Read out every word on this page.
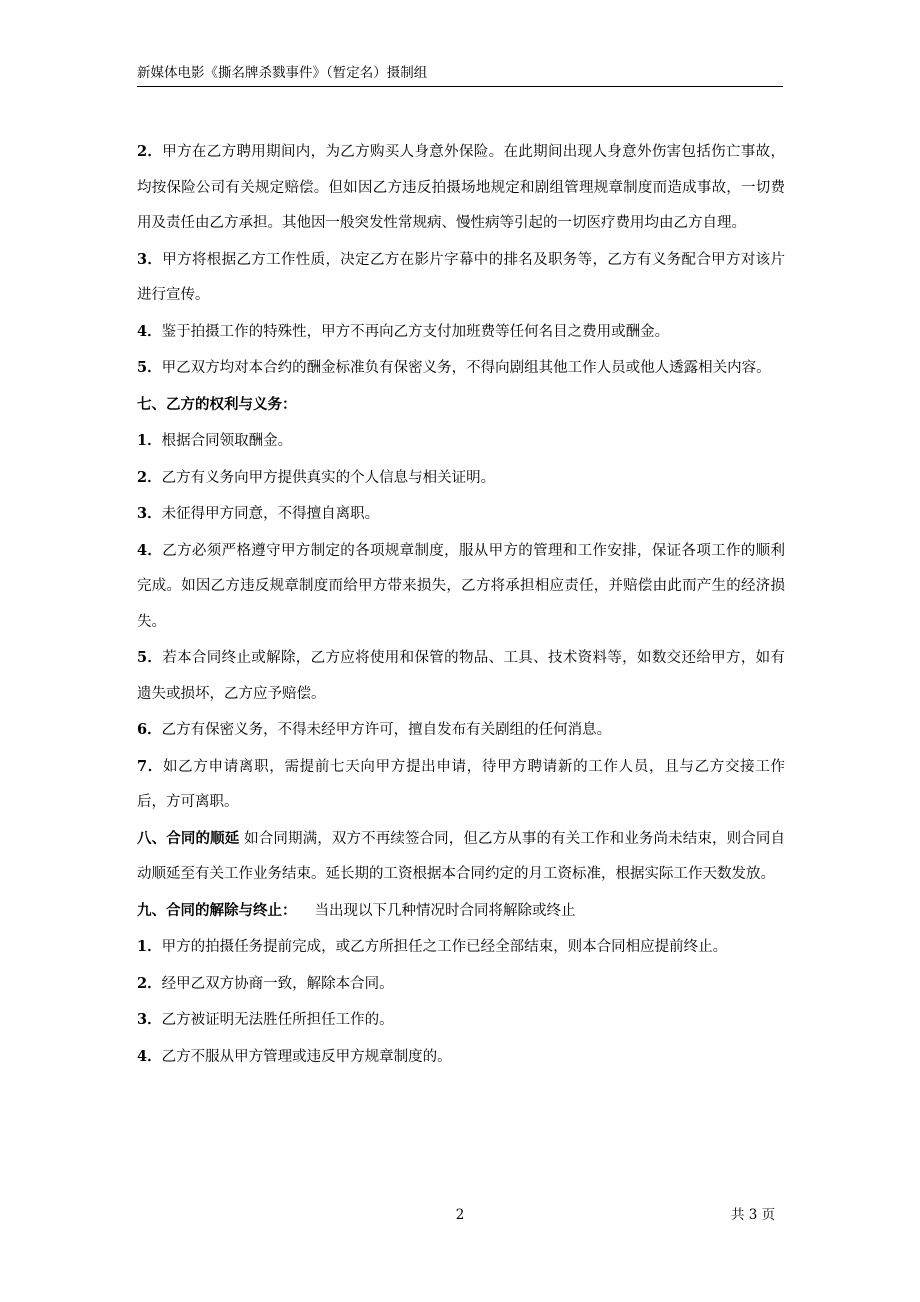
新媒体电影《撕名牌杀戮事件》（暂定名）摄制组

2．甲方在乙方聘用期间内，为乙方购买人身意外保险。在此期间出现人身意外伤害包括伤亡事故，均按保险公司有关规定赔偿。但如因乙方违反拍摄场地规定和剧组管理规章制度而造成事故，一切费用及责任由乙方承担。其他因一般突发性常规病、慢性病等引起的一切医疗费用均由乙方自理。

3．甲方将根据乙方工作性质，决定乙方在影片字幕中的排名及职务等，乙方有义务配合甲方对该片进行宣传。

4．鉴于拍摄工作的特殊性，甲方不再向乙方支付加班费等任何名目之费用或酬金。

5．甲乙双方均对本合约的酬金标准负有保密义务，不得向剧组其他工作人员或他人透露相关内容。

七、乙方的权利与义务：

1．根据合同领取酬金。

2．乙方有义务向甲方提供真实的个人信息与相关证明。

3．未征得甲方同意，不得擅自离职。

4．乙方必须严格遵守甲方制定的各项规章制度，服从甲方的管理和工作安排，保证各项工作的顺利完成。如因乙方违反规章制度而给甲方带来损失，乙方将承担相应责任，并赔偿由此而产生的经济损失。

5．若本合同终止或解除，乙方应将使用和保管的物品、工具、技术资料等，如数交还给甲方，如有遗失或损坏，乙方应予赔偿。

6．乙方有保密义务，不得未经甲方许可，擅自发布有关剧组的任何消息。

7．如乙方申请离职，需提前七天向甲方提出申请，待甲方聘请新的工作人员，且与乙方交接工作后，方可离职。

八、合同的顺延 如合同期满，双方不再续签合同，但乙方从事的有关工作和业务尚未结束，则合同自动顺延至有关工作业务结束。延长期的工资根据本合同约定的月工资标准，根据实际工作天数发放。

九、合同的解除与终止： 当出现以下几种情况时合同将解除或终止

1．甲方的拍摄任务提前完成，或乙方所担任之工作已经全部结束，则本合同相应提前终止。

2．经甲乙双方协商一致，解除本合同。

3．乙方被证明无法胜任所担任工作的。

4．乙方不服从甲方管理或违反甲方规章制度的。

2	共 3 页
